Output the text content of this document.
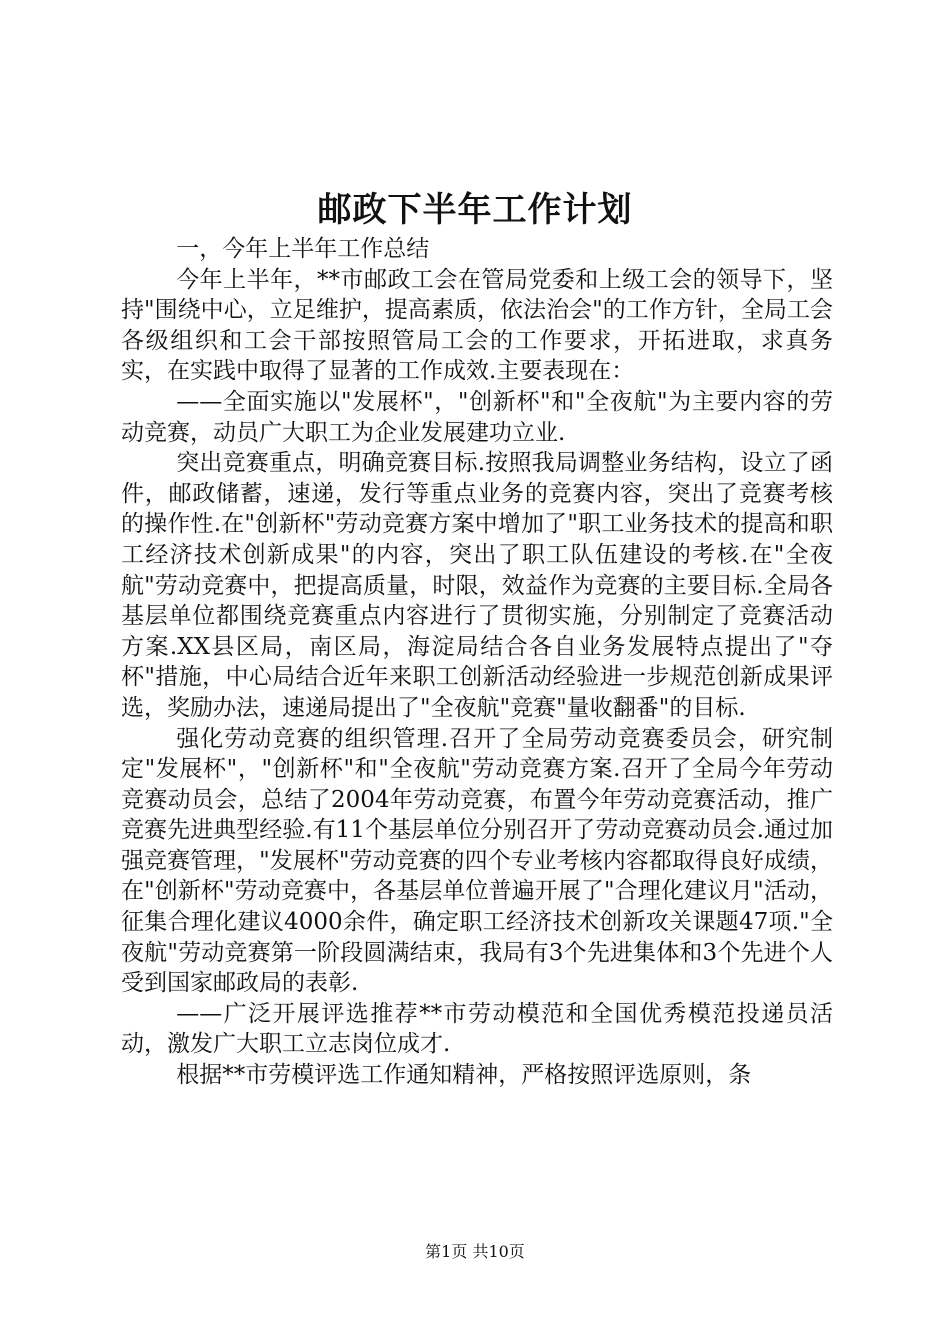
邮政下半年工作计划

一，今年上半年工作总结

今年上半年，**市邮政工会在管局党委和上级工会的领导下，坚持"围绕中心，立足维护，提高素质，依法治会"的工作方针，全局工会各级组织和工会干部按照管局工会的工作要求，开拓进取，求真务实，在实践中取得了显著的工作成效.主要表现在：

——全面实施以"发展杯"，"创新杯"和"全夜航"为主要内容的劳动竞赛，动员广大职工为企业发展建功立业.

突出竞赛重点，明确竞赛目标.按照我局调整业务结构，设立了函件，邮政储蓄，速递，发行等重点业务的竞赛内容，突出了竞赛考核的操作性.在"创新杯"劳动竞赛方案中增加了"职工业务技术的提高和职工经济技术创新成果"的内容，突出了职工队伍建设的考核.在"全夜航"劳动竞赛中，把提高质量，时限，效益作为竞赛的主要目标.全局各基层单位都围绕竞赛重点内容进行了贯彻实施，分别制定了竞赛活动方案.XX县区局，南区局，海淀局结合各自业务发展特点提出了"夺杯"措施，中心局结合近年来职工创新活动经验进一步规范创新成果评选，奖励办法，速递局提出了"全夜航"竞赛"量收翻番"的目标.

强化劳动竞赛的组织管理.召开了全局劳动竞赛委员会，研究制定"发展杯"，"创新杯"和"全夜航"劳动竞赛方案.召开了全局今年劳动竞赛动员会，总结了2004年劳动竞赛，布置今年劳动竞赛活动，推广竞赛先进典型经验.有11个基层单位分别召开了劳动竞赛动员会.通过加强竞赛管理，"发展杯"劳动竞赛的四个专业考核内容都取得良好成绩，在"创新杯"劳动竞赛中，各基层单位普遍开展了"合理化建议月"活动，征集合理化建议4000余件，确定职工经济技术创新攻关课题47项."全夜航"劳动竞赛第一阶段圆满结束，我局有3个先进集体和3个先进个人受到国家邮政局的表彰.

——广泛开展评选推荐**市劳动模范和全国优秀模范投递员活动，激发广大职工立志岗位成才.

根据**市劳模评选工作通知精神，严格按照评选原则，条

第1页 共10页
